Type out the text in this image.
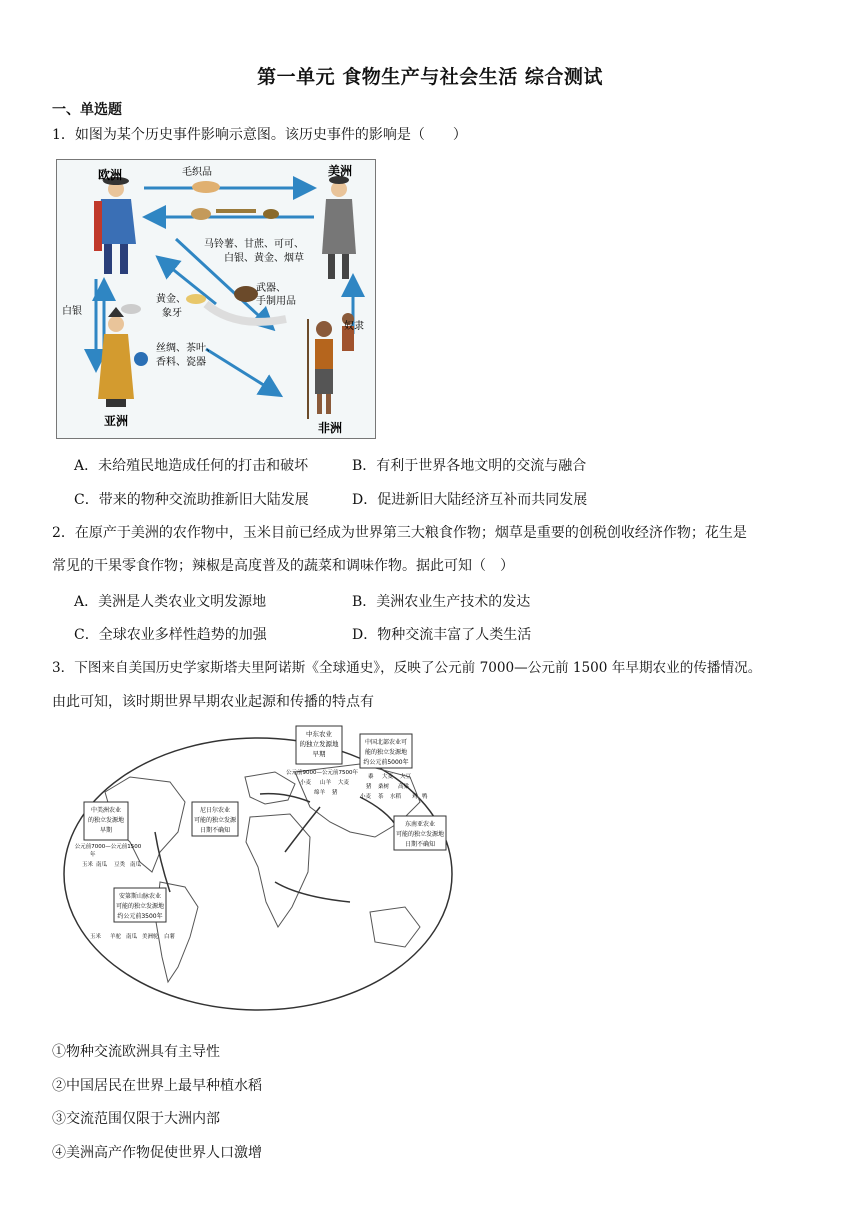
第一单元 食物生产与社会生活 综合测试
一、单选题
1．如图为某个历史事件影响示意图。该历史事件的影响是（　　）
欧洲	美洲
亚洲	非洲
毛织品
马铃薯、甘蔗、可可、
白银、黄金、烟草
武器、
手制用品
黄金、
象牙
白银
丝绸、茶叶、
香料、瓷器
奴隶
A．未给殖民地造成任何的打击和破坏	B．有利于世界各地文明的交流与融合
C．带来的物种交流助推新旧大陆发展	D．促进新旧大陆经济互补而共同发展
2．在原产于美洲的农作物中，玉米目前已经成为世界第三大粮食作物；烟草是重要的创税创收经济作物；花生是
常见的干果零食作物；辣椒是高度普及的蔬菜和调味作物。据此可知（　）
A．美洲是人类农业文明发源地	B．美洲农业生产技术的发达
C．全球农业多样性趋势的加强	D．物种交流丰富了人类生活
3．下图来自美国历史学家斯塔夫里阿诺斯《全球通史》，反映了公元前 7000—公元前 1500 年早期农业的传播情况。
由此可知，该时期世界早期农业起源和传播的特点有
中东农业
的独立发源地
早期
公元前9000—公元前7500年
小麦 山羊 大麦
绵羊 猪
中国北部农业可
能的独立发源地
约公元前5000年
黍 大麦 大豆
猪 桑树 高粱
小麦 茶 水稻 鸡 鸭
中美洲农业
的独立发源地
早期
公元前7000—公元前1500
年
玉米 南瓜 豆类 南瓜
尼日尔农业
可能的独立发源
日期不确知
东南亚农业
可能的独立发源地
日期不确知
安第斯山脉农业
可能的独立发源地
约公元前3500年
玉米 羊驼 南瓜 美洲驼 白薯
①物种交流欧洲具有主导性
②中国居民在世界上最早种植水稻
③交流范围仅限于大洲内部
④美洲高产作物促使世界人口激增
